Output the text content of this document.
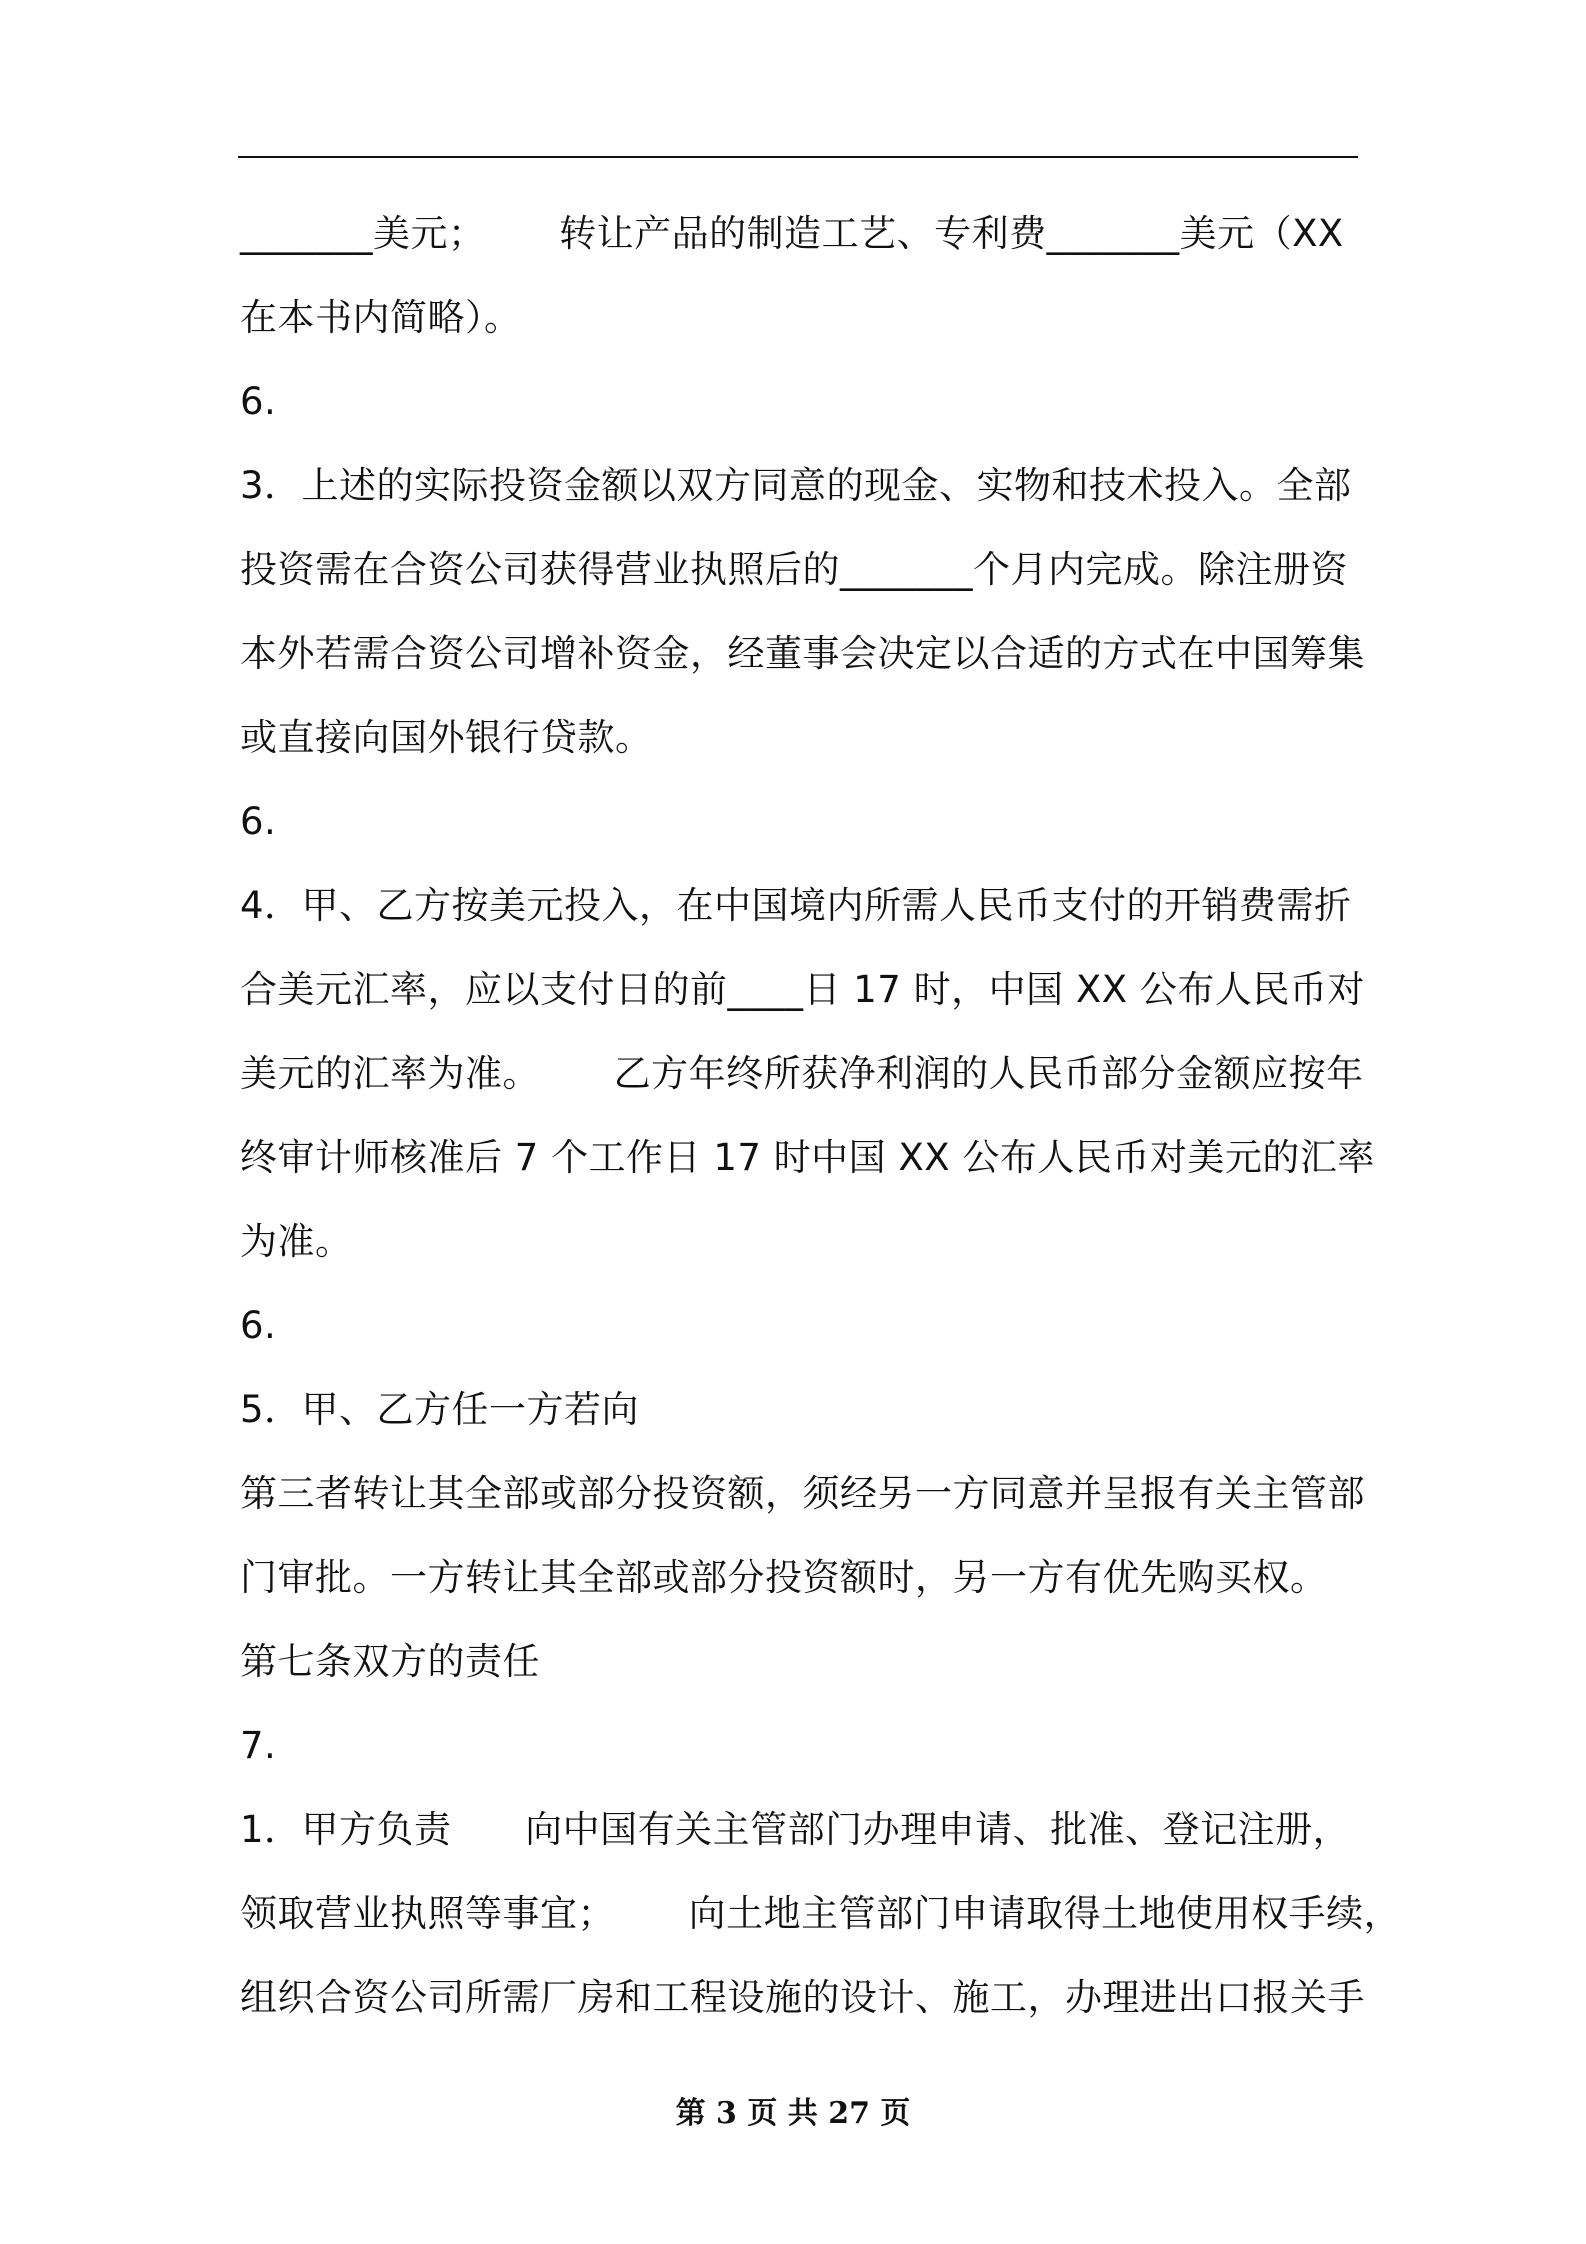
_______美元；      转让产品的制造工艺、专利费_______美元（XX
在本书内简略）。
6.
3．上述的实际投资金额以双方同意的现金、实物和技术投入。全部
投资需在合资公司获得营业执照后的_______个月内完成。除注册资
本外若需合资公司增补资金，经董事会决定以合适的方式在中国筹集
或直接向国外银行贷款。
6.
4．甲、乙方按美元投入，在中国境内所需人民币支付的开销费需折
合美元汇率，应以支付日的前____日 17 时，中国 XX 公布人民币对
美元的汇率为准。      乙方年终所获净利润的人民币部分金额应按年
终审计师核准后 7 个工作日 17 时中国 XX 公布人民币对美元的汇率
为准。
6.
5．甲、乙方任一方若向
第三者转让其全部或部分投资额，须经另一方同意并呈报有关主管部
门审批。一方转让其全部或部分投资额时，另一方有优先购买权。
第七条双方的责任
7.
1．甲方负责      向中国有关主管部门办理申请、批准、登记注册，
领取营业执照等事宜；      向土地主管部门申请取得土地使用权手续，
组织合资公司所需厂房和工程设施的设计、施工，办理进出口报关手
第 3 页 共 27 页
